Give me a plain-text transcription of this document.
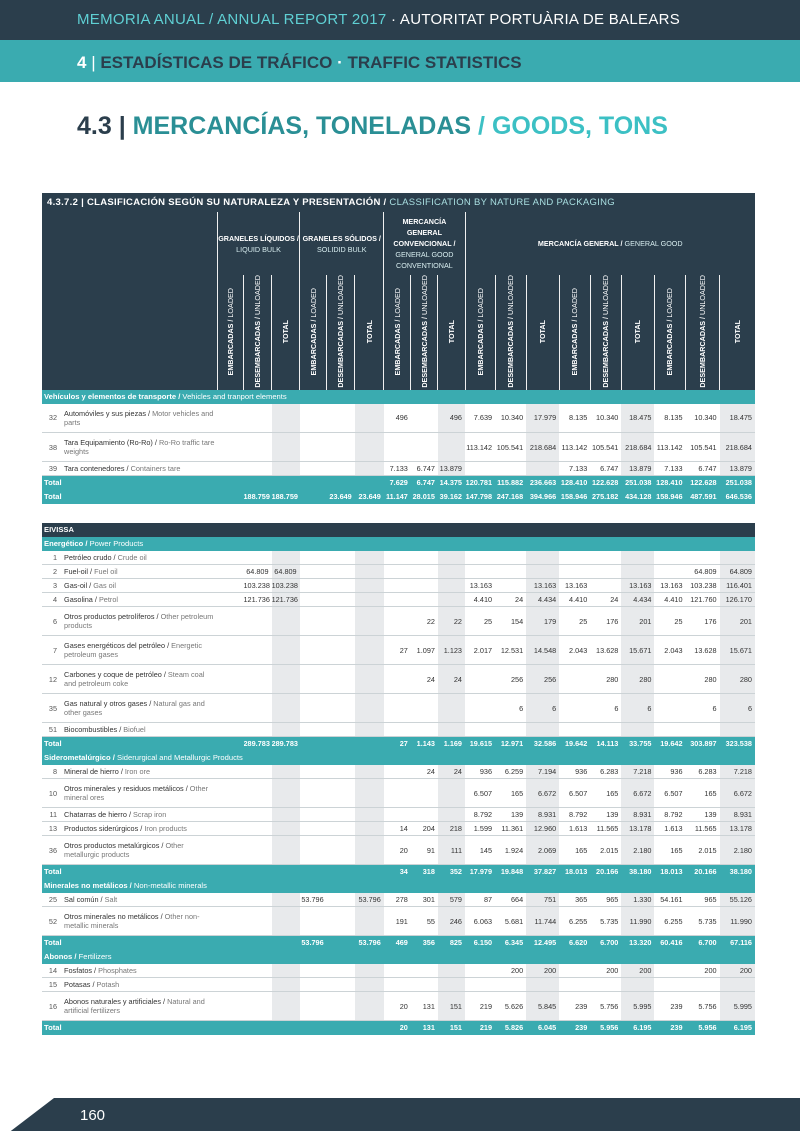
MEMORIA ANUAL / ANNUAL REPORT 2017 · AUTORITAT PORTUÀRIA DE BALEARS
4 | ESTADÍSTICAS DE TRÁFICO · TRAFFIC STATISTICS
4.3 | MERCANCÍAS, TONELADAS / GOODS, TONS
4.3.7.2 | CLASIFICACIÓN SEGÚN SU NATURALEZA Y PRESENTACIÓN / CLASSIFICATION BY NATURE AND PACKAGING																			
		GRANELES LÍQUIDOS / LIQUID BULK			GRANELES SÓLIDOS / SOLIDID BULK			MERCANCÍA GENERAL CONVENCIONAL / GENERAL GOOD CONVENTIONAL			MERCANCÍA GENERAL / GENERAL GOOD								
		EMBARCADAS / LOADED	DESEMBARCADAS / UNLOADED	TOTAL	EMBARCADAS / LOADED	DESEMBARCADAS / UNLOADED	TOTAL	EMBARCADAS / LOADED	DESEMBARCADAS / UNLOADED	TOTAL	EMBARCADAS / LOADED	DESEMBARCADAS / UNLOADED	TOTAL	EMBARCADAS / LOADED	DESEMBARCADAS / UNLOADED	TOTAL	EMBARCADAS / LOADED	DESEMBARCADAS / UNLOADED	TOTAL
Vehículos y elementos de transporte / Vehicles and tranport elements																			
32	Automóviles y sus piezas / Motor vehicles and parts							496		496	7.639	10.340	17.979	8.135	10.340	18.475	8.135	10.340	18.475
38	Tara Equipamiento (Ro-Ro) / Ro-Ro traffic tare weights										113.142	105.541	218.684	113.142	105.541	218.684	113.142	105.541	218.684
39	Tara contenedores / Containers tare							7.133	6.747	13.879				7.133	6.747	13.879	7.133	6.747	13.879
Total								7.629	6.747	14.375	120.781	115.882	236.663	128.410	122.628	251.038	128.410	122.628	251.038
Total			188.759	188.759		23.649	23.649	11.147	28.015	39.162	147.798	247.168	394.966	158.946	275.182	434.128	158.946	487.591	646.536

EIVISSA																			
Energético / Power Products																			
1	Petróleo crudo / Crude oil																		
2	Fuel-oil / Fuel oil		64.809	64.809														64.809	64.809
3	Gas-oil / Gas oil		103.238	103.238							13.163		13.163	13.163		13.163	13.163	103.238	116.401
4	Gasolina / Petrol		121.736	121.736							4.410	24	4.434	4.410	24	4.434	4.410	121.760	126.170
6	Otros productos petrolíferos / Other petroleum products								22	22	25	154	179	25	176	201	25	176	201
7	Gases energéticos del petróleo / Energetic petroleum gases							27	1.097	1.123	2.017	12.531	14.548	2.043	13.628	15.671	2.043	13.628	15.671
12	Carbones y coque de petróleo / Steam coal and petroleum coke								24	24		256	256		280	280		280	280
35	Gas natural y otros gases / Natural gas and other gases											6	6		6	6		6	6
51	Biocombustibles / Biofuel																		
Total			289.783	289.783				27	1.143	1.169	19.615	12.971	32.586	19.642	14.113	33.755	19.642	303.897	323.538
Siderometalúrgico / Siderurgical and Metallurgic Products																			
8	Mineral de hierro / Iron ore								24	24	936	6.259	7.194	936	6.283	7.218	936	6.283	7.218
10	Otros minerales y residuos metálicos / Other mineral ores										6.507	165	6.672	6.507	165	6.672	6.507	165	6.672
11	Chatarras de hierro / Scrap iron										8.792	139	8.931	8.792	139	8.931	8.792	139	8.931
13	Productos siderúrgicos / Iron products							14	204	218	1.599	11.361	12.960	1.613	11.565	13.178	1.613	11.565	13.178
36	Otros productos metalúrgicos / Other metallurgic products							20	91	111	145	1.924	2.069	165	2.015	2.180	165	2.015	2.180
Total								34	318	352	17.979	19.848	37.827	18.013	20.166	38.180	18.013	20.166	38.180
Minerales no metálicos / Non-metallic minerals																			
25	Sal común / Salt				53.796		53.796	278	301	579	87	664	751	365	965	1.330	54.161	965	55.126
52	Otros minerales no metálicos / Other non-metallic minerals							191	55	246	6.063	5.681	11.744	6.255	5.735	11.990	6.255	5.735	11.990
Total					53.796		53.796	469	356	825	6.150	6.345	12.495	6.620	6.700	13.320	60.416	6.700	67.116
Abonos / Fertilizers																			
14	Fosfatos / Phosphates											200	200		200	200		200	200
15	Potasas / Potash																		
16	Abonos naturales y artificiales / Natural and artificial fertilizers							20	131	151	219	5.626	5.845	239	5.756	5.995	239	5.756	5.995
Total								20	131	151	219	5.826	6.045	239	5.956	6.195	239	5.956	6.195
160
